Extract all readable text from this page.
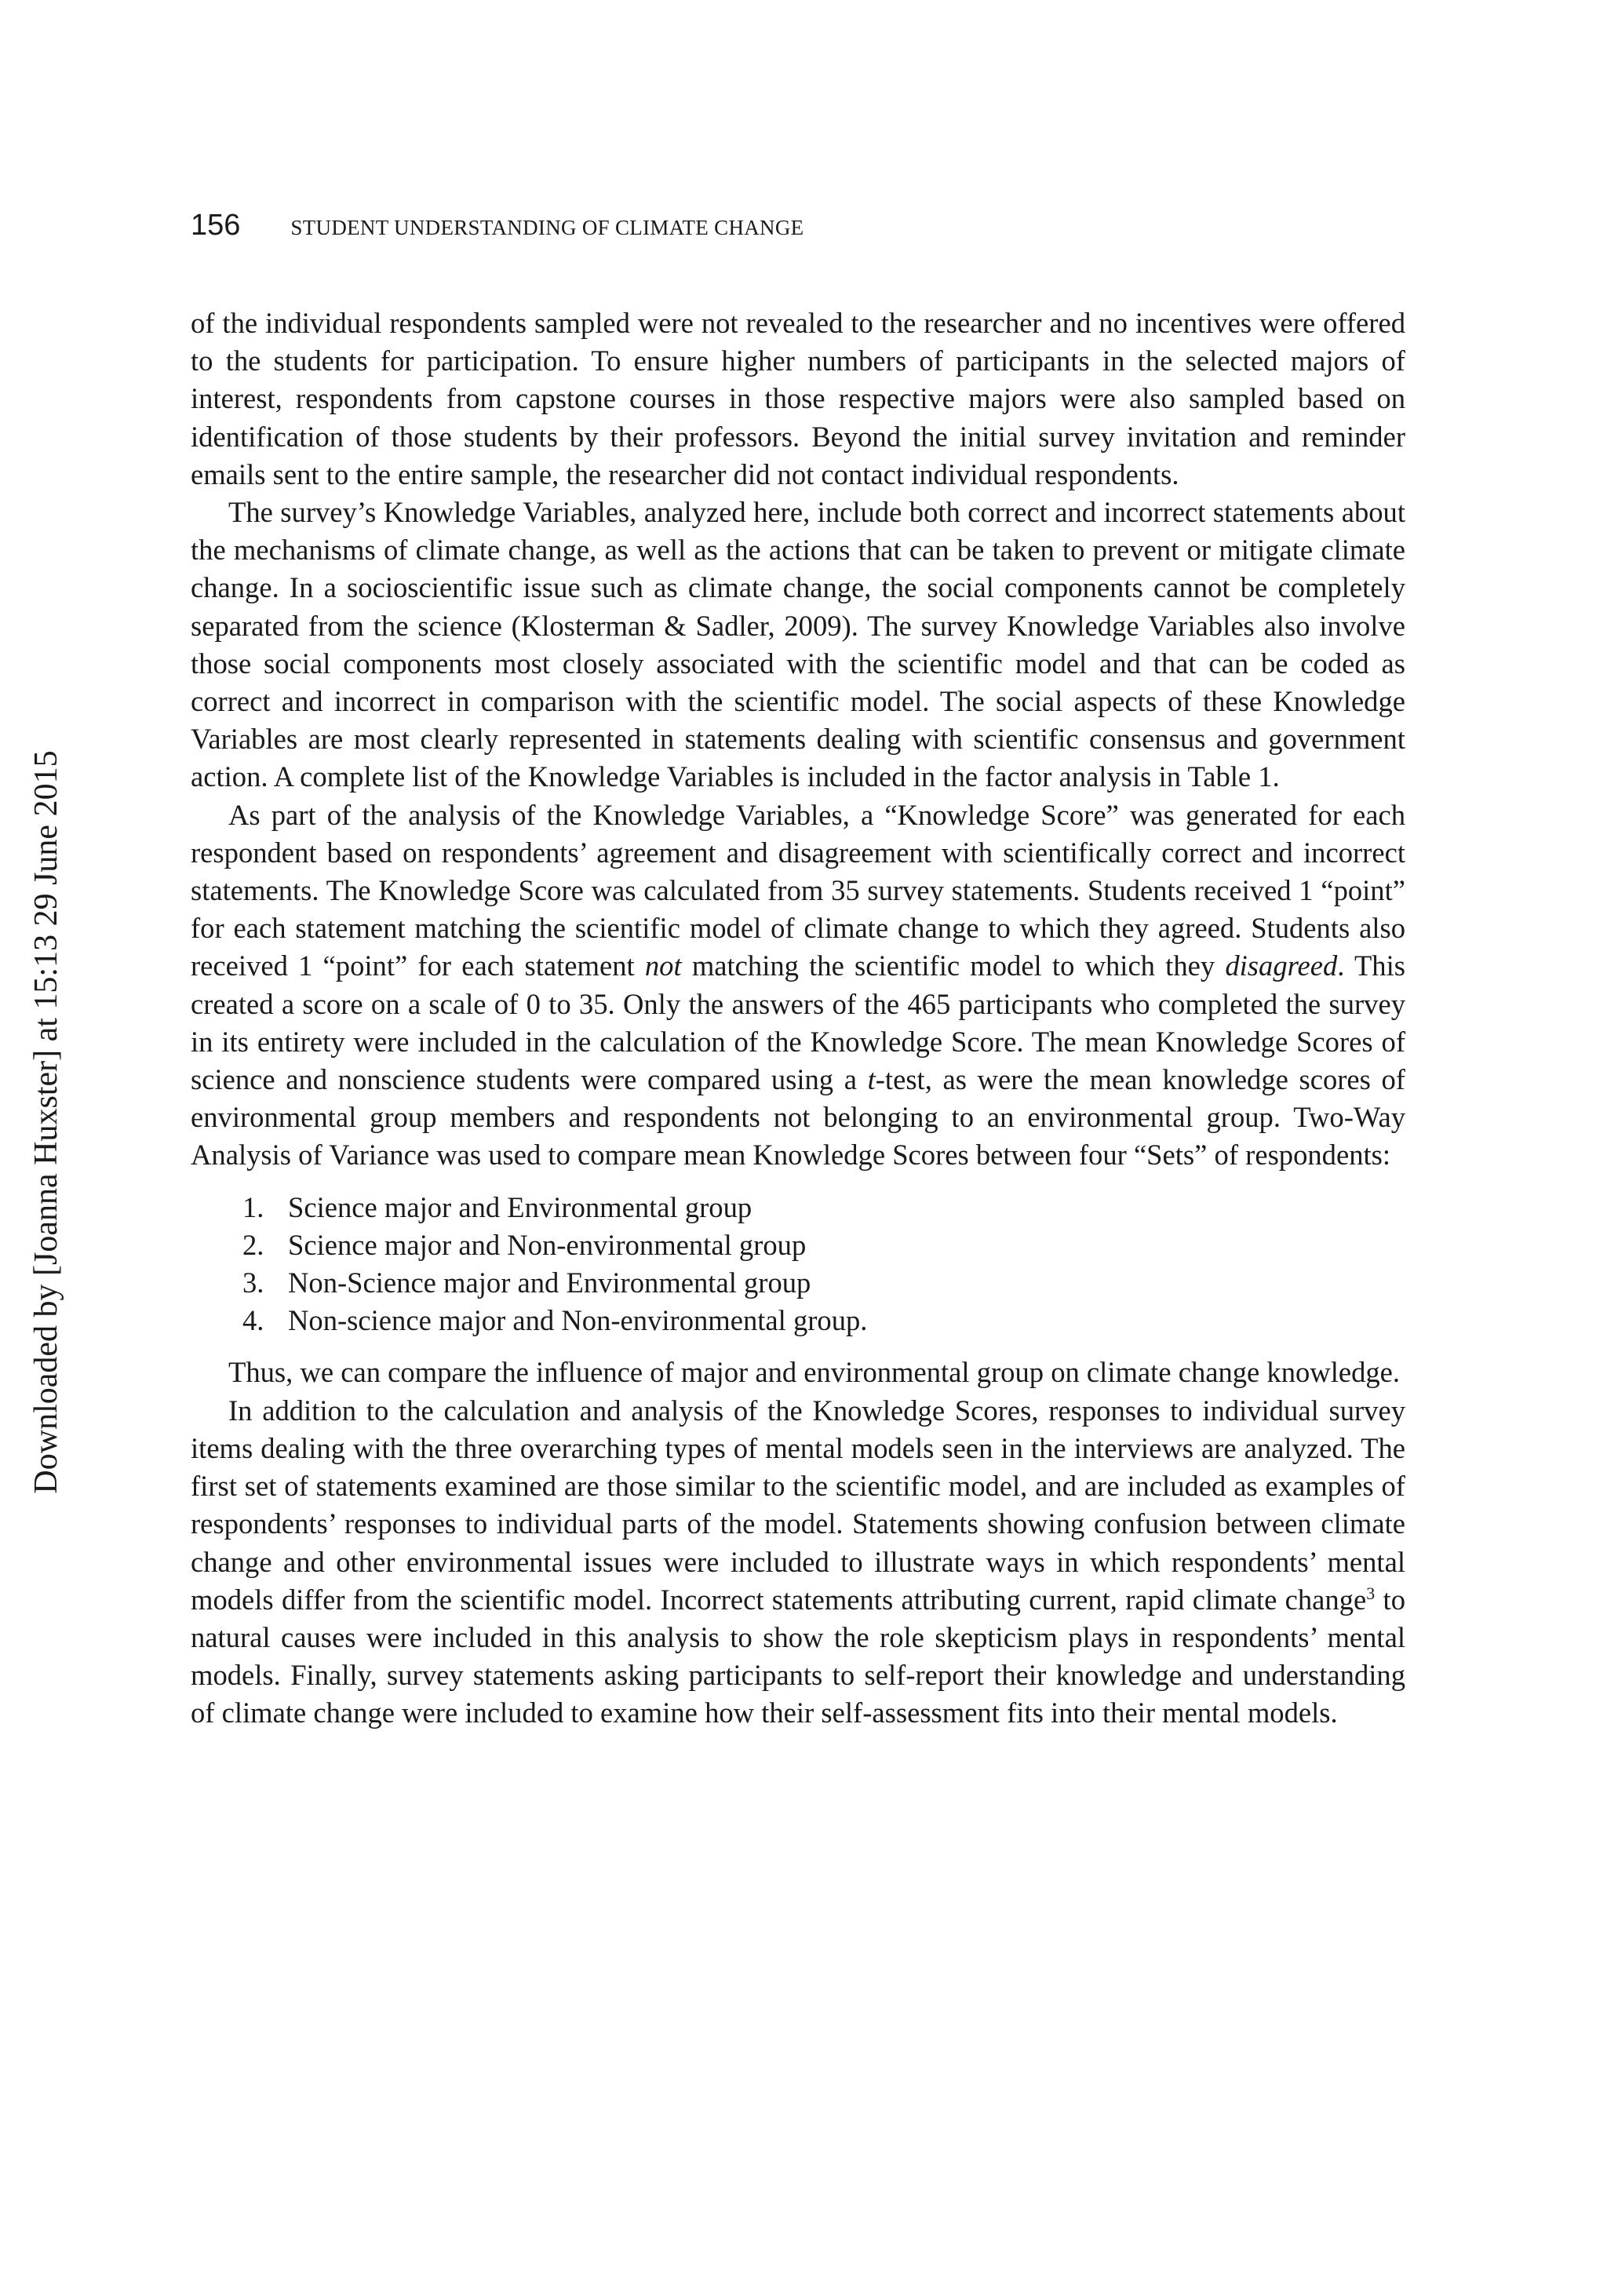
Downloaded by [Joanna Huxster] at 15:13 29 June 2015
156 STUDENT UNDERSTANDING OF CLIMATE CHANGE

of the individual respondents sampled were not revealed to the researcher and no incentives were offered to the students for participation. To ensure higher numbers of participants in the selected majors of interest, respondents from capstone courses in those respective majors were also sampled based on identification of those students by their professors. Beyond the initial survey invitation and reminder emails sent to the entire sample, the researcher did not contact individual respondents.

The survey’s Knowledge Variables, analyzed here, include both correct and incorrect statements about the mechanisms of climate change, as well as the actions that can be taken to prevent or mitigate climate change. In a socioscientific issue such as climate change, the social components cannot be completely separated from the science (Klosterman & Sadler, 2009). The survey Knowledge Variables also involve those social components most closely associated with the scientific model and that can be coded as correct and incorrect in comparison with the scientific model. The social aspects of these Knowledge Variables are most clearly represented in statements dealing with scientific consensus and government action. A complete list of the Knowledge Variables is included in the factor analysis in Table 1.

As part of the analysis of the Knowledge Variables, a “Knowledge Score” was generated for each respondent based on respondents’ agreement and disagreement with scientifically correct and incorrect statements. The Knowledge Score was calculated from 35 survey statements. Students received 1 “point” for each statement matching the scientific model of climate change to which they agreed. Students also received 1 “point” for each statement not matching the scientific model to which they disagreed. This created a score on a scale of 0 to 35. Only the answers of the 465 participants who completed the survey in its entirety were included in the calculation of the Knowledge Score. The mean Knowledge Scores of science and nonscience students were compared using a t-test, as were the mean knowledge scores of environmental group members and respondents not belonging to an environmental group. Two-Way Analysis of Variance was used to compare mean Knowledge Scores between four “Sets” of respondents:

1. Science major and Environmental group
2. Science major and Non-environmental group
3. Non-Science major and Environmental group
4. Non-science major and Non-environmental group.

Thus, we can compare the influence of major and environmental group on climate change knowledge.

In addition to the calculation and analysis of the Knowledge Scores, responses to individual survey items dealing with the three overarching types of mental models seen in the interviews are analyzed. The first set of statements examined are those similar to the scientific model, and are included as examples of respondents’ responses to individual parts of the model. Statements showing confusion between climate change and other environmental issues were included to illustrate ways in which respondents’ mental models differ from the scientific model. Incorrect statements attributing current, rapid climate change$^3$ to natural causes were included in this analysis to show the role skepticism plays in respondents’ mental models. Finally, survey statements asking participants to self-report their knowledge and understanding of climate change were included to examine how their self-assessment fits into their mental models.
